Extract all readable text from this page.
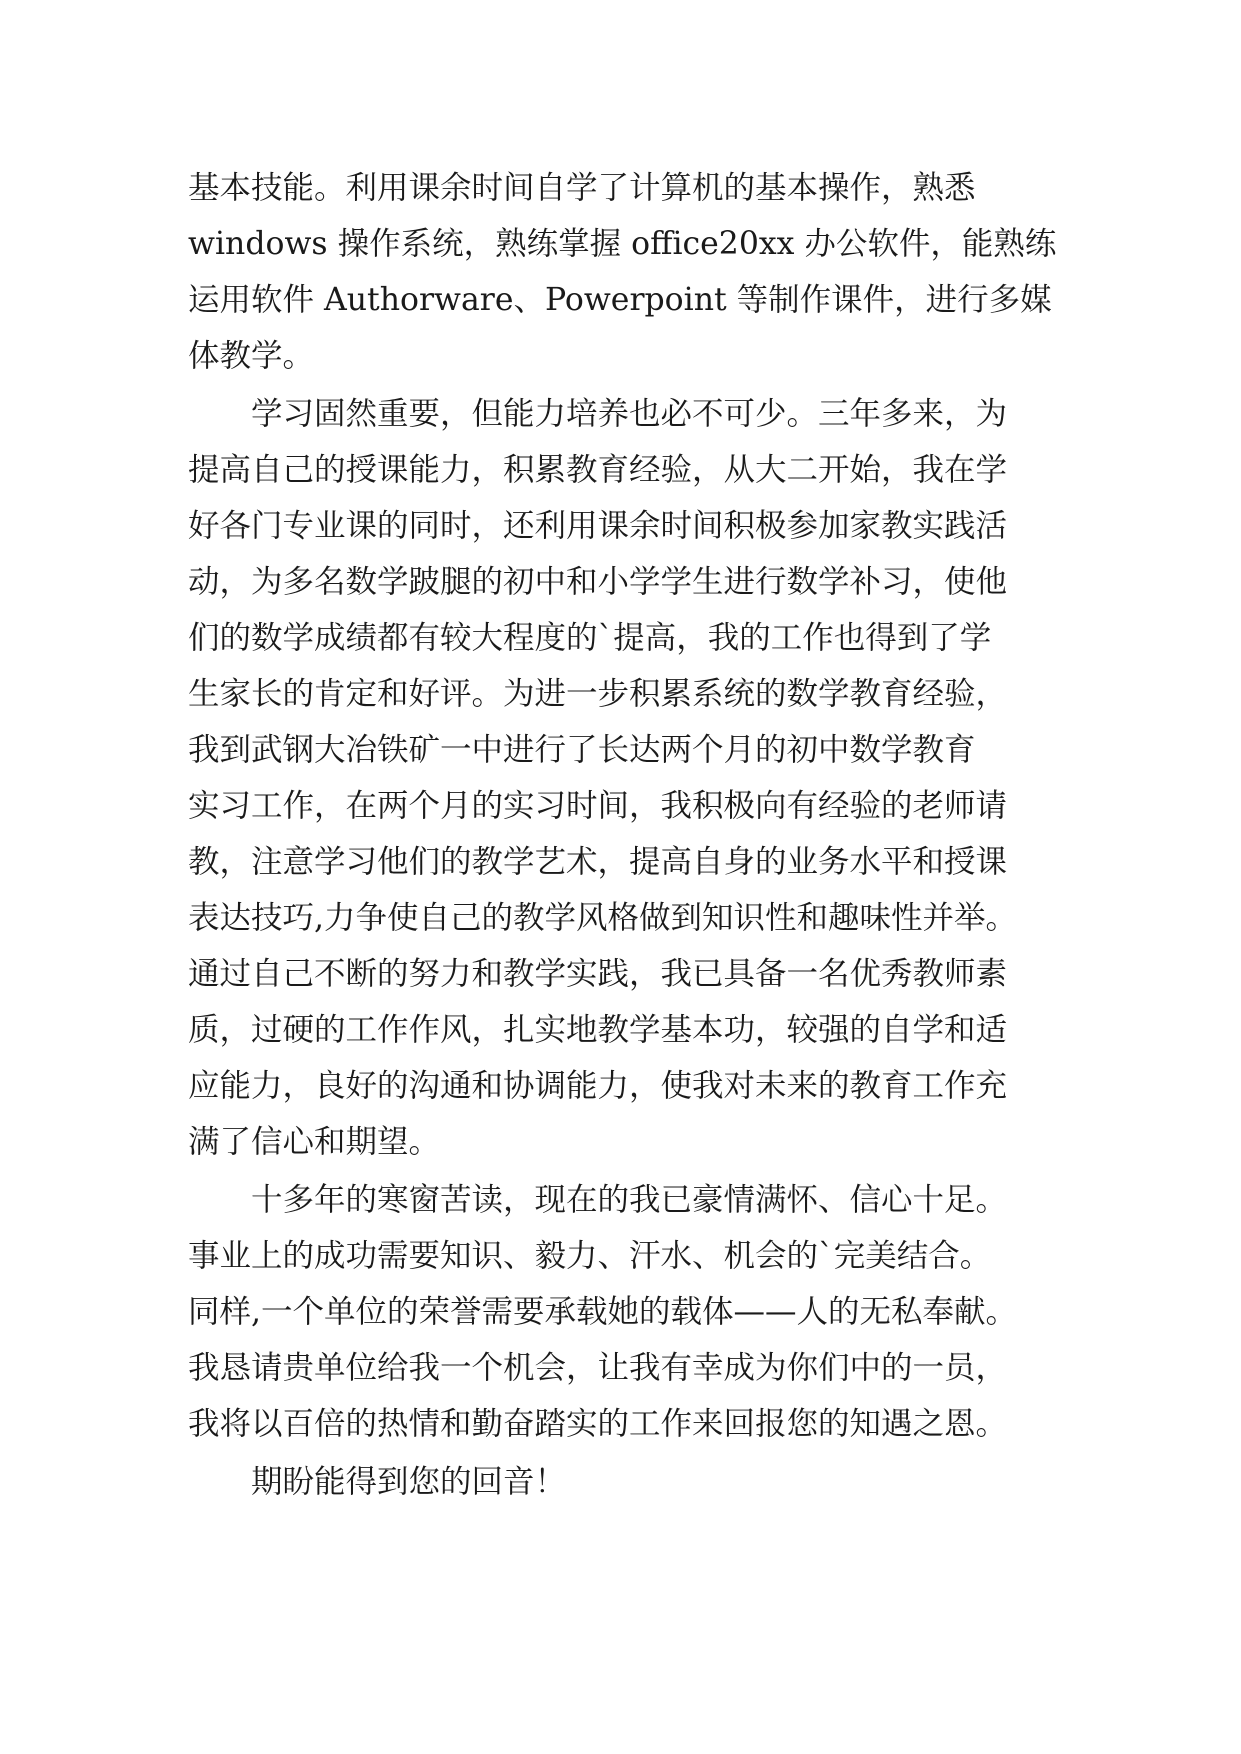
基本技能。利用课余时间自学了计算机的基本操作，熟悉
windows 操作系统，熟练掌握 office20xx 办公软件，能熟练
运用软件 Authorware、Powerpoint 等制作课件，进行多媒
体教学。
学习固然重要，但能力培养也必不可少。三年多来，为
提高自己的授课能力，积累教育经验，从大二开始，我在学
好各门专业课的同时，还利用课余时间积极参加家教实践活
动，为多名数学跛腿的初中和小学学生进行数学补习，使他
们的数学成绩都有较大程度的`提高，我的工作也得到了学
生家长的肯定和好评。为进一步积累系统的数学教育经验，
我到武钢大冶铁矿一中进行了长达两个月的初中数学教育
实习工作，在两个月的实习时间，我积极向有经验的老师请
教，注意学习他们的教学艺术，提高自身的业务水平和授课
表达技巧,力争使自己的教学风格做到知识性和趣味性并举。
通过自己不断的努力和教学实践，我已具备一名优秀教师素
质，过硬的工作作风，扎实地教学基本功，较强的自学和适
应能力，良好的沟通和协调能力，使我对未来的教育工作充
满了信心和期望。
十多年的寒窗苦读，现在的我已豪情满怀、信心十足。
事业上的成功需要知识、毅力、汗水、机会的`完美结合。
同样,一个单位的荣誉需要承载她的载体——人的无私奉献。
我恳请贵单位给我一个机会，让我有幸成为你们中的一员，
我将以百倍的热情和勤奋踏实的工作来回报您的知遇之恩。
期盼能得到您的回音！
